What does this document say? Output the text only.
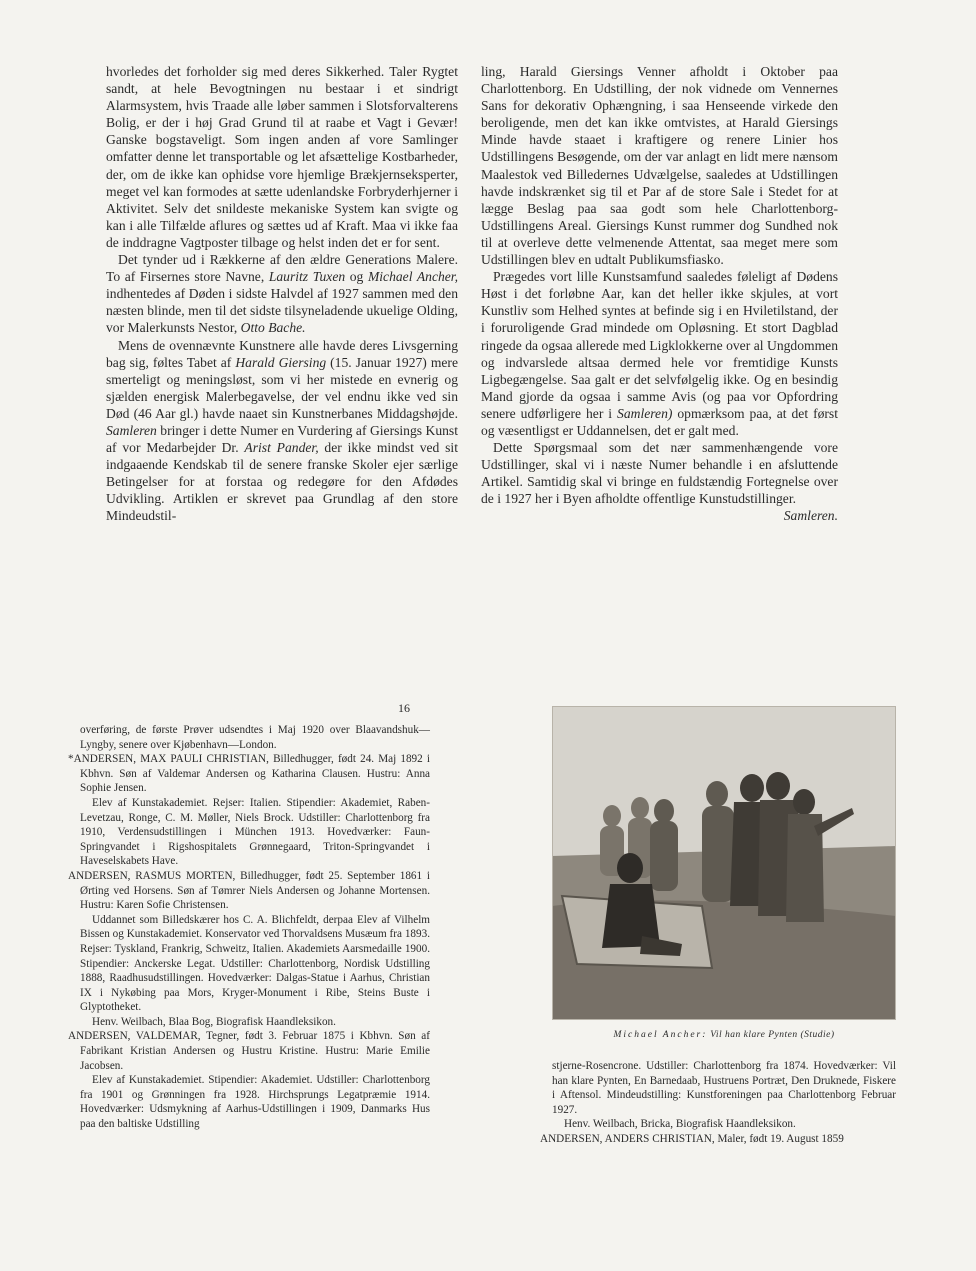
hvorledes det forholder sig med deres Sikkerhed. Taler Rygtet sandt, at hele Bevogtningen nu bestaar i et sindrigt Alarmsystem, hvis Traade alle løber sammen i Slotsforvalterens Bolig, er der i høj Grad Grund til at raabe et Vagt i Gevær! Ganske bogstaveligt. Som ingen anden af vore Samlinger omfatter denne let transportable og let afsættelige Kostbarheder, der, om de ikke kan ophidse vore hjemlige Brækjernseksperter, meget vel kan formodes at sætte udenlandske Forbryderhjerner i Aktivitet. Selv det snildeste mekaniske System kan svigte og kan i alle Tilfælde aflures og sættes ud af Kraft. Maa vi ikke faa de inddragne Vagtposter tilbage og helst inden det er for sent.

Det tynder ud i Rækkerne af den ældre Generations Malere. To af Firsernes store Navne, Lauritz Tuxen og Michael Ancher, indhentedes af Døden i sidste Halvdel af 1927 sammen med den næsten blinde, men til det sidste tilsyneladende ukuelige Olding, vor Malerkunsts Nestor, Otto Bache.

Mens de ovennævnte Kunstnere alle havde deres Livsgerning bag sig, føltes Tabet af Harald Giersing (15. Januar 1927) mere smerteligt og meningsløst, som vi her mistede en evnerig og sjælden energisk Malerbegavelse, der vel endnu ikke ved sin Død (46 Aar gl.) havde naaet sin Kunstnerbanes Middagshøjde. Samleren bringer i dette Numer en Vurdering af Giersings Kunst af vor Medarbejder Dr. Arist Pander, der ikke mindst ved sit indgaaende Kendskab til de senere franske Skoler ejer særlige Betingelser for at forstaa og redegøre for den Afdødes Udvikling. Artiklen er skrevet paa Grundlag af den store Mindeudstil-

ling, Harald Giersings Venner afholdt i Oktober paa Charlottenborg. En Udstilling, der nok vidnede om Vennernes Sans for dekorativ Ophængning, i saa Henseende virkede den beroligende, men det kan ikke omtvistes, at Harald Giersings Minde havde staaet i kraftigere og renere Linier hos Udstillingens Besøgende, om der var anlagt en lidt mere nænsom Maalestok ved Billedernes Udvælgelse, saaledes at Udstillingen havde indskrænket sig til et Par af de store Sale i Stedet for at lægge Beslag paa saa godt som hele Charlottenborg-Udstillingens Areal. Giersings Kunst rummer dog Sundhed nok til at overleve dette velmenende Attentat, saa meget mere som Udstillingen blev en udtalt Publikumsfiasko.

Prægedes vort lille Kunstsamfund saaledes føleligt af Dødens Høst i det forløbne Aar, kan det heller ikke skjules, at vort Kunstliv som Helhed syntes at befinde sig i en Hviletilstand, der i foruroligende Grad mindede om Opløsning. Et stort Dagblad ringede da ogsaa allerede med Ligklokkerne over al Ungdommen og indvarslede altsaa dermed hele vor fremtidige Kunsts Ligbegængelse. Saa galt er det selvfølgelig ikke. Og en besindig Mand gjorde da ogsaa i samme Avis (og paa vor Opfordring senere udførligere her i Samleren) opmærksom paa, at det først og væsentligst er Uddannelsen, det er galt med.

Dette Spørgsmaal som det nær sammenhængende vore Udstillinger, skal vi i næste Numer behandle i en afsluttende Artikel. Samtidig skal vi bringe en fuldstændig Fortegnelse over de i 1927 her i Byen afholdte offentlige Kunstudstillinger.
Samleren.

16

overføring, de første Prøver udsendtes i Maj 1920 over Blaavandshuk—Lyngby, senere over Kjøbenhavn—London.

*ANDERSEN, MAX PAULI CHRISTIAN, Billedhugger, født 24. Maj 1892 i Kbhvn. Søn af Valdemar Andersen og Katharina Clausen. Hustru: Anna Sophie Jensen.

Elev af Kunstakademiet. Rejser: Italien. Stipendier: Akademiet, Raben-Levetzau, Ronge, C. M. Møller, Niels Brock. Udstiller: Charlottenborg fra 1910, Verdensudstillingen i München 1913. Hovedværker: Faun-Springvandet i Rigshospitalets Grønnegaard, Triton-Springvandet i Haveselskabets Have.

ANDERSEN, RASMUS MORTEN, Billedhugger, født 25. September 1861 i Ørting ved Horsens. Søn af Tømrer Niels Andersen og Johanne Mortensen. Hustru: Karen Sofie Christensen.

Uddannet som Billedskærer hos C. A. Blichfeldt, derpaa Elev af Vilhelm Bissen og Kunstakademiet. Konservator ved Thorvaldsens Musæum fra 1893. Rejser: Tyskland, Frankrig, Schweitz, Italien. Akademiets Aarsmedaille 1900. Stipendier: Anckerske Legat. Udstiller: Charlottenborg, Nordisk Udstilling 1888, Raadhusudstillingen. Hovedværker: Dalgas-Statue i Aarhus, Christian IX i Nykøbing paa Mors, Kryger-Monument i Ribe, Steins Buste i Glyptotheket.

Henv. Weilbach, Blaa Bog, Biografisk Haandleksikon.

ANDERSEN, VALDEMAR, Tegner, født 3. Februar 1875 i Kbhvn. Søn af Fabrikant Kristian Andersen og Hustru Kristine. Hustru: Marie Emilie Jacobsen.

Elev af Kunstakademiet. Stipendier: Akademiet. Udstiller: Charlottenborg fra 1901 og Grønningen fra 1928. Hirchsprungs Legatpræmie 1914. Hovedværker: Udsmykning af Aarhus-Udstillingen i 1909, Danmarks Hus paa den baltiske Udstilling

Michael Ancher: Vil han klare Pynten (Studie)

stjerne-Rosencrone. Udstiller: Charlottenborg fra 1874. Hovedværker: Vil han klare Pynten, En Barnedaab, Hustruens Portræt, Den Druknede, Fiskere i Aftensol. Mindeudstilling: Kunstforeningen paa Charlottenborg Februar 1927.

Henv. Weilbach, Bricka, Biografisk Haandleksikon.

ANDERSEN, ANDERS CHRISTIAN, Maler, født 19. August 1859
